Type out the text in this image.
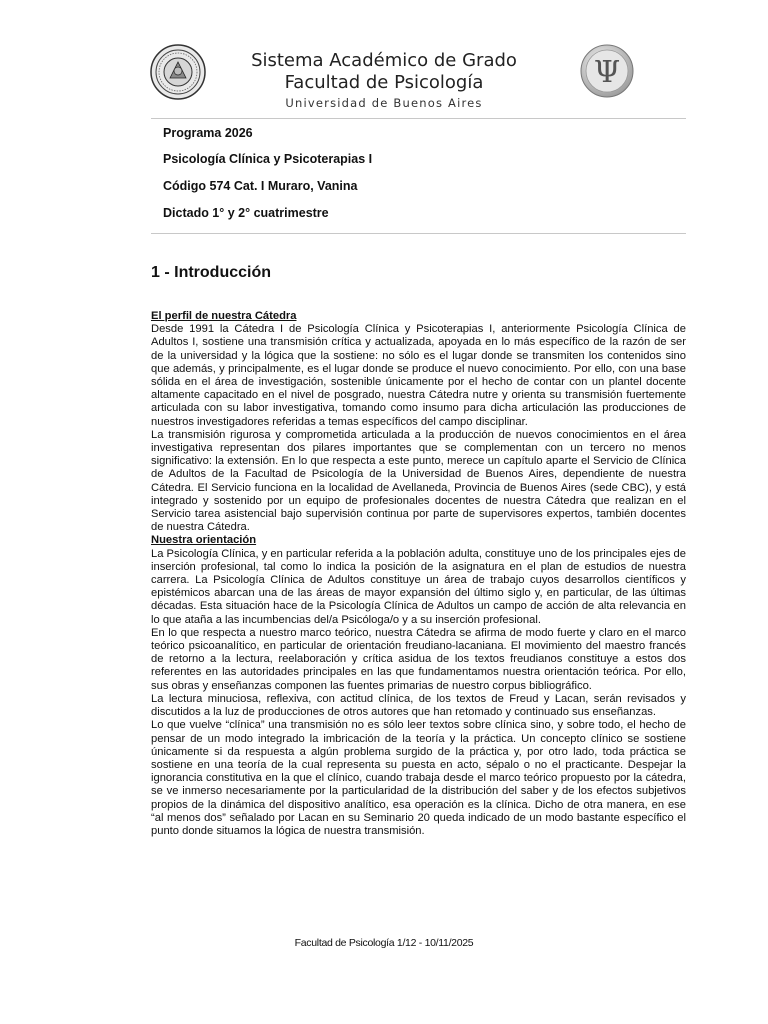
Sistema Académico de Grado
Facultad de Psicología
Universidad de Buenos Aires
Ψ
Programa 2026
Psicología Clínica y Psicoterapias I
Código 574 Cat. I Muraro, Vanina
Dictado 1° y 2° cuatrimestre
1 - Introducción

El perfil de nuestra Cátedra

Desde 1991 la Cátedra I de Psicología Clínica y Psicoterapias I, anteriormente Psicología Clínica de Adultos I, sostiene una transmisión crítica y actualizada, apoyada en lo más específico de la razón de ser de la universidad y la lógica que la sostiene: no sólo es el lugar donde se transmiten los contenidos sino que además, y principalmente, es el lugar donde se produce el nuevo conocimiento. Por ello, con una base sólida en el área de investigación, sostenible únicamente por el hecho de contar con un plantel docente altamente capacitado en el nivel de posgrado, nuestra Cátedra nutre y orienta su transmisión fuertemente articulada con su labor investigativa, tomando como insumo para dicha articulación las producciones de nuestros investigadores referidas a temas específicos del campo disciplinar.

La transmisión rigurosa y comprometida articulada a la producción de nuevos conocimientos en el área investigativa representan dos pilares importantes que se complementan con un tercero no menos significativo: la extensión. En lo que respecta a este punto, merece un capítulo aparte el Servicio de Clínica de Adultos de la Facultad de Psicología de la Universidad de Buenos Aires, dependiente de nuestra Cátedra. El Servicio funciona en la localidad de Avellaneda, Provincia de Buenos Aires (sede CBC), y está integrado y sostenido por un equipo de profesionales docentes de nuestra Cátedra que realizan en el Servicio tarea asistencial bajo supervisión continua por parte de supervisores expertos, también docentes de nuestra Cátedra.

Nuestra orientación

La Psicología Clínica, y en particular referida a la población adulta, constituye uno de los principales ejes de inserción profesional, tal como lo indica la posición de la asignatura en el plan de estudios de nuestra carrera. La Psicología Clínica de Adultos constituye un área de trabajo cuyos desarrollos científicos y epistémicos abarcan una de las áreas de mayor expansión del último siglo y, en particular, de las últimas décadas. Esta situación hace de la Psicología Clínica de Adultos un campo de acción de alta relevancia en lo que ataña a las incumbencias del/a Psicóloga/o y a su inserción profesional.

En lo que respecta a nuestro marco teórico, nuestra Cátedra se afirma de modo fuerte y claro en el marco teórico psicoanalítico, en particular de orientación freudiano-lacaniana. El movimiento del maestro francés de retorno a la lectura, reelaboración y crítica asidua de los textos freudianos constituye a estos dos referentes en las autoridades principales en las que fundamentamos nuestra orientación teórica. Por ello, sus obras y enseñanzas componen las fuentes primarias de nuestro corpus bibliográfico.

La lectura minuciosa, reflexiva, con actitud clínica, de los textos de Freud y Lacan, serán revisados y discutidos a la luz de producciones de otros autores que han retomado y continuado sus enseñanzas.

Lo que vuelve “clínica” una transmisión no es sólo leer textos sobre clínica sino, y sobre todo, el hecho de pensar de un modo integrado la imbricación de la teoría y la práctica. Un concepto clínico se sostiene únicamente si da respuesta a algún problema surgido de la práctica y, por otro lado, toda práctica se sostiene en una teoría de la cual representa su puesta en acto, sépalo o no el practicante. Despejar la ignorancia constitutiva en la que el clínico, cuando trabaja desde el marco teórico propuesto por la cátedra, se ve inmerso necesariamente por la particularidad de la distribución del saber y de los efectos subjetivos propios de la dinámica del dispositivo analítico, esa operación es la clínica. Dicho de otra manera, en ese “al menos dos” señalado por Lacan en su Seminario 20 queda indicado de un modo bastante específico el punto donde situamos la lógica de nuestra transmisión.

Facultad de Psicología 1/12 - 10/11/2025
